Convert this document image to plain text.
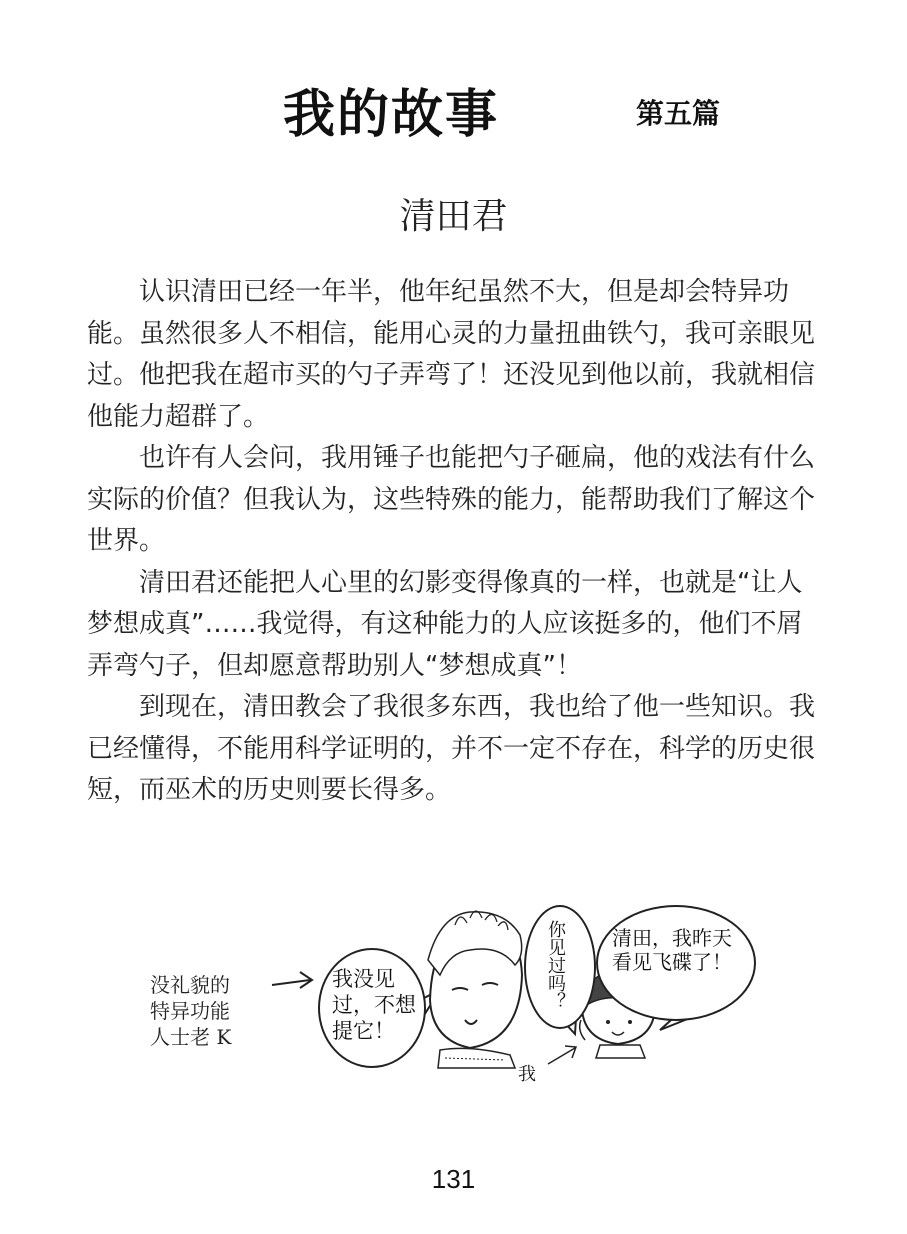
我的故事	第五篇
清田君

认识清田已经一年半，他年纪虽然不大，但是却会特异功能。虽然很多人不相信，能用心灵的力量扭曲铁勺，我可亲眼见过。他把我在超市买的勺子弄弯了！还没见到他以前，我就相信他能力超群了。

也许有人会问，我用锤子也能把勺子砸扁，他的戏法有什么实际的价值？但我认为，这些特殊的能力，能帮助我们了解这个世界。

清田君还能把人心里的幻影变得像真的一样，也就是“让人梦想成真”……我觉得，有这种能力的人应该挺多的，他们不屑弄弯勺子，但却愿意帮助别人“梦想成真”！

到现在，清田教会了我很多东西，我也给了他一些知识。我已经懂得，不能用科学证明的，并不一定不存在，科学的历史很短，而巫术的历史则要长得多。

没礼貌的
特异功能
人士老 K
我没见过，不想提它！
你见过吗？ 清田，我昨天看见飞碟了！
我
131
